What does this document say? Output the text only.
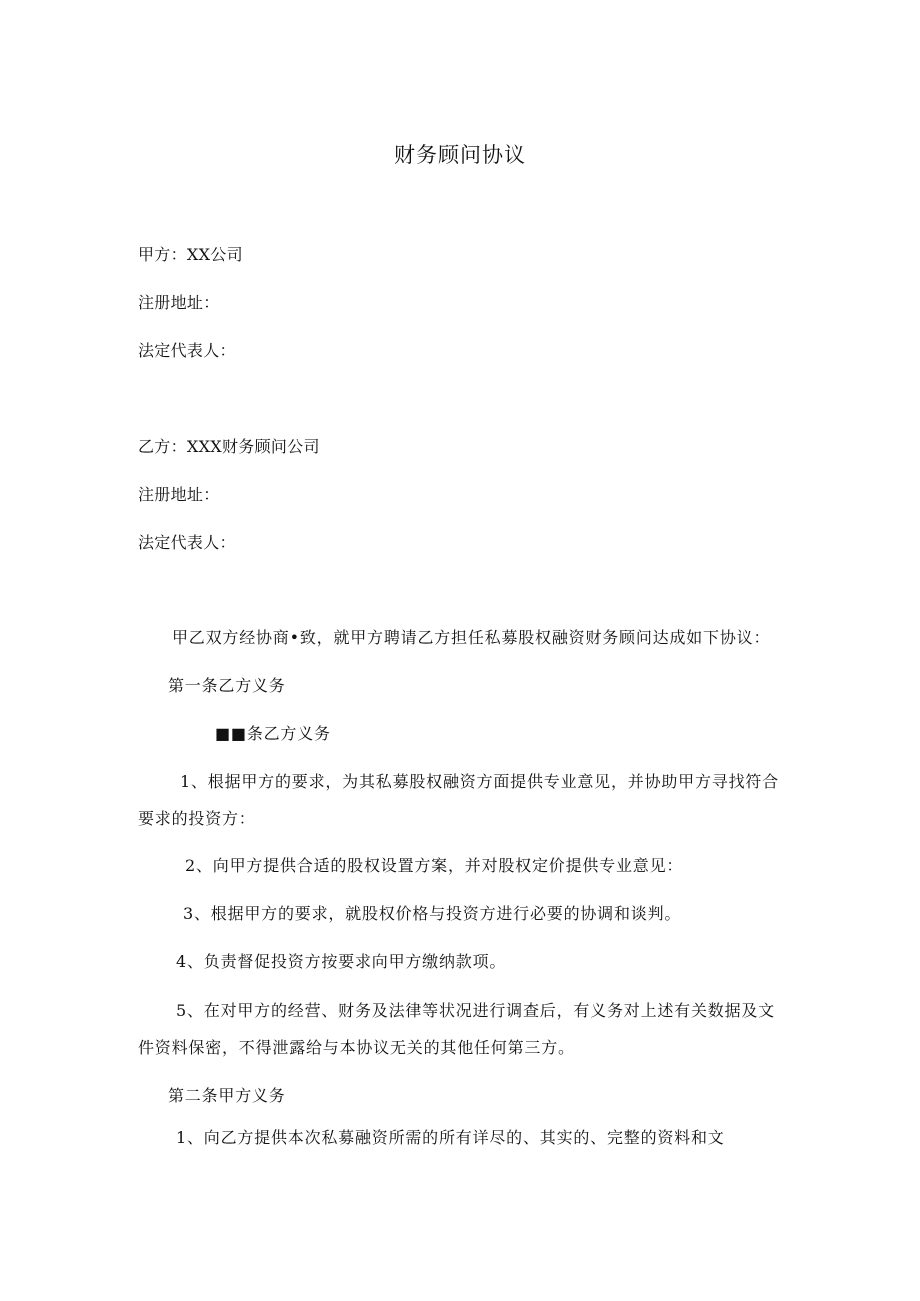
财务顾问协议
甲方：XX公司
注册地址：
法定代表人：
乙方：XXX财务顾问公司
注册地址：
法定代表人：
甲乙双方经协商•致，就甲方聘请乙方担任私募股权融资财务顾问达成如下协议：
第一条乙方义务
■■条乙方义务
1、根据甲方的要求，为其私募股权融资方面提供专业意见，并协助甲方寻找符合
要求的投资方：
2、向甲方提供合适的股权设置方案，并对股权定价提供专业意见：
3、根据甲方的要求，就股权价格与投资方进行必要的协调和谈判。
4、负责督促投资方按要求向甲方缴纳款项。
5、在对甲方的经营、财务及法律等状况进行调查后，有义务对上述有关数据及文
件资料保密，不得泄露给与本协议无关的其他任何第三方。
第二条甲方义务
1、向乙方提供本次私募融资所需的所有详尽的、其实的、完整的资料和文
